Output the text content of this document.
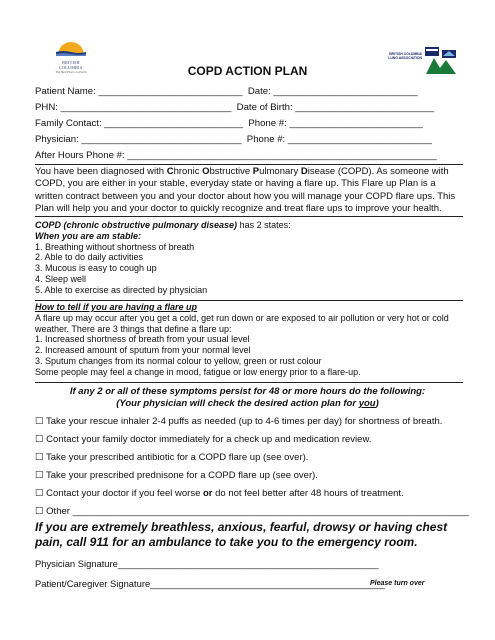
BRITISH
COLUMBIA
The Best Place on Earth
BRITISH COLUMBIA LUNG ASSOCIATION
COPD ACTION PLAN
Patient Name: ___________________________  Date: ___________________________
PHN: ________________________________  Date of Birth: __________________________
Family Contact: __________________________  Phone #: _________________________
Physician: ______________________________  Phone #: ___________________________
After Hours Phone #: __________________________________________________________
You have been diagnosed with Chronic Obstructive Pulmonary Disease (COPD). As someone with COPD, you are either in your stable, everyday state or having a flare up. This Flare up Plan is a written contract between you and your doctor about how you will manage your COPD flare ups. This Plan will help you and your doctor to quickly recognize and treat flare ups to improve your health.
COPD (chronic obstructive pulmonary disease) has 2 states:
When you are am stable:
1. Breathing without shortness of breath
2. Able to do daily activities
3. Mucous is easy to cough up
4. Sleep well
5. Able to exercise as directed by physician
How to tell if you are having a flare up
A flare up may occur after you get a cold, get run down or are exposed to air pollution or very hot or cold weather. There are 3 things that define a flare up:
1. Increased shortness of breath from your usual level
2. Increased amount of sputum from your normal level
3. Sputum changes from its normal colour to yellow, green or rust colour
Some people may feel a change in mood, fatigue or low energy prior to a flare-up.
If any 2 or all of these symptoms persist for 48 or more hours do the following:
(Your physician will check the desired action plan for you)
☐ Take your rescue inhaler 2-4 puffs as needed (up to 4-6 times per day) for shortness of breath.
☐ Contact your family doctor immediately for a check up and medication review.
☐ Take your prescribed antibiotic for a COPD flare up (see over).
☐ Take your prescribed prednisone for a COPD flare up (see over).
☐ Contact your doctor if you feel worse or do not feel better after 48 hours of treatment.
☐ Other ___________________________________________________________________________
If you are extremely breathless, anxious, fearful, drowsy or having chest pain, call 911 for an ambulance to take you to the emergency room.
Physician Signature__________________________________________________
Patient/Caregiver Signature_____________________________________________
Please turn over
